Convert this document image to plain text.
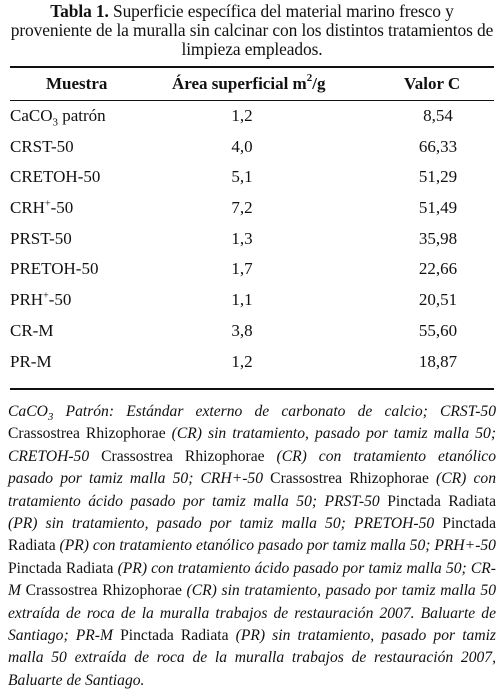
Tabla 1. Superficie específica del material marino fresco y proveniente de la muralla sin calcinar con los distintos tratamientos de limpieza empleados.
Muestra	Área superficial $m^2/g$	Valor C
CaCO$_3$ patrón	1,2	8,54
CRST-50	4,0	66,33
CRETOH-50	5,1	51,29
CRH+-50	7,2	51,49
PRST-50	1,3	35,98
PRETOH-50	1,7	22,66
PRH+-50	1,1	20,51
CR-M	3,8	55,60
PR-M	1,2	18,87
CaCO$_3$ Patrón: Estándar externo de carbonato de calcio; CRST-50 Crassostrea Rhizophorae (CR) sin tratamiento, pasado por tamiz malla 50; CRETOH-50 Crassostrea Rhizophorae (CR) con tratamiento etanólico pasado por tamiz malla 50; CRH+-50 Crassostrea Rhizophorae (CR) con tratamiento ácido pasado por tamiz malla 50; PRST-50 Pinctada Radiata (PR) sin tratamiento, pasado por tamiz malla 50; PRETOH-50 Pinctada Radiata (PR) con tratamiento etanólico pasado por tamiz malla 50; PRH+-50 Pinctada Radiata (PR) con tratamiento ácido pasado por tamiz malla 50; CR-M Crassostrea Rhizophorae (CR) sin tratamiento, pasado por tamiz malla 50 extraída de roca de la muralla trabajos de restauración 2007. Baluarte de Santiago; PR-M Pinctada Radiata (PR) sin tratamiento, pasado por tamiz malla 50 extraída de roca de la muralla trabajos de restauración 2007, Baluarte de Santiago.
